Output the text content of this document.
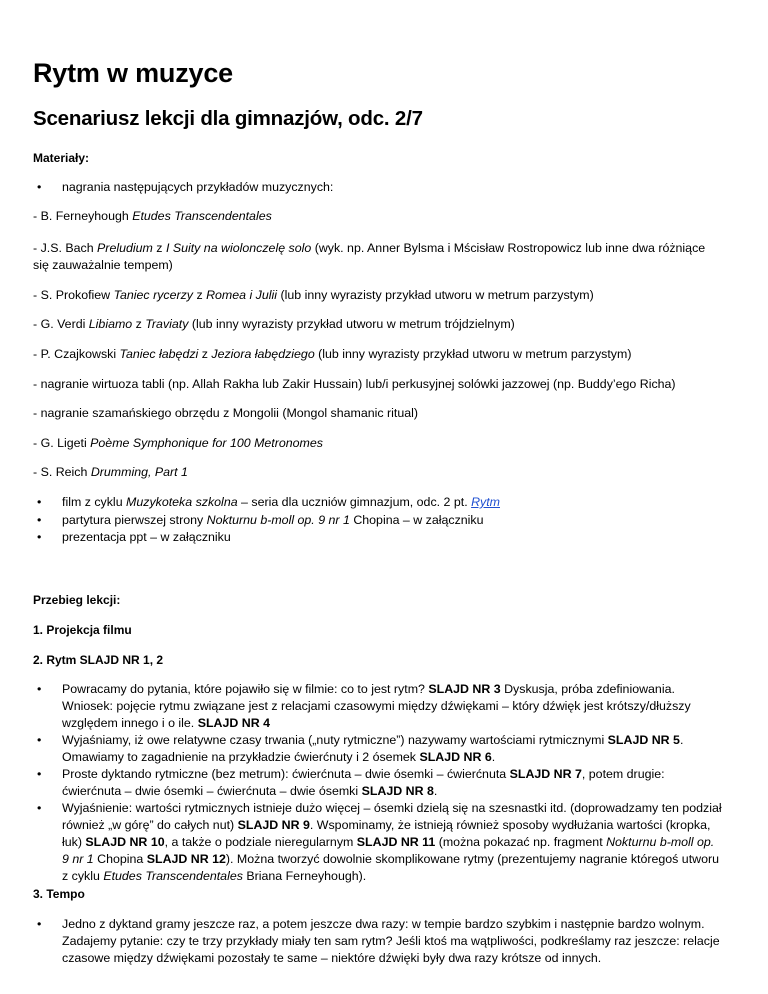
Rytm w muzyce
Scenariusz lekcji dla gimnazjów, odc. 2/7

Materiały:

• nagrania następujących przykładów muzycznych:

- B. Ferneyhough Etudes Transcendentales

- J.S. Bach Preludium z I Suity na wiolonczelę solo (wyk. np. Anner Bylsma i Mścisław Rostropowicz lub inne dwa różniące się zauważalnie tempem)

- S. Prokofiew Taniec rycerzy z Romea i Julii (lub inny wyrazisty przykład utworu w metrum parzystym)

- G. Verdi Libiamo z Traviaty (lub inny wyrazisty przykład utworu w metrum trójdzielnym)

- P. Czajkowski Taniec łabędzi z Jeziora łabędziego (lub inny wyrazisty przykład utworu w metrum parzystym)

- nagranie wirtuoza tabli (np. Allah Rakha lub Zakir Hussain) lub/i perkusyjnej solówki jazzowej (np. Buddy’ego Richa)

- nagranie szamańskiego obrzędu z Mongolii (Mongol shamanic ritual)

- G. Ligeti Poème Symphonique for 100 Metronomes

- S. Reich Drumming, Part 1

• film z cyklu Muzykoteka szkolna – seria dla uczniów gimnazjum, odc. 2 pt. Rytm

• partytura pierwszej strony Nokturnu b-moll op. 9 nr 1 Chopina – w załączniku

• prezentacja ppt – w załączniku

Przebieg lekcji:

1. Projekcja filmu

2. Rytm SLAJD NR 1, 2

• Powracamy do pytania, które pojawiło się w filmie: co to jest rytm? SLAJD NR 3 Dyskusja, próba zdefiniowania. Wniosek: pojęcie rytmu związane jest z relacjami czasowymi między dźwiękami – który dźwięk jest krótszy/dłuższy względem innego i o ile. SLAJD NR 4

• Wyjaśniamy, iż owe relatywne czasy trwania („nuty rytmiczne”) nazywamy wartościami rytmicznymi SLAJD NR 5. Omawiamy to zagadnienie na przykładzie ćwierćnuty i 2 ósemek SLAJD NR 6.

• Proste dyktando rytmiczne (bez metrum): ćwierćnuta – dwie ósemki – ćwierćnuta SLAJD NR 7, potem drugie: ćwierćnuta – dwie ósemki – ćwierćnuta – dwie ósemki SLAJD NR 8.

• Wyjaśnienie: wartości rytmicznych istnieje dużo więcej – ósemki dzielą się na szesnastki itd. (doprowadzamy ten podział również „w górę” do całych nut) SLAJD NR 9. Wspominamy, że istnieją również sposoby wydłużania wartości (kropka, łuk) SLAJD NR 10, a także o podziale nieregularnym SLAJD NR 11 (można pokazać np. fragment Nokturnu b-moll op. 9 nr 1 Chopina SLAJD NR 12). Można tworzyć dowolnie skomplikowane rytmy (prezentujemy nagranie któregoś utworu z cyklu Etudes Transcendentales Briana Ferneyhough).

3. Tempo

• Jedno z dyktand gramy jeszcze raz, a potem jeszcze dwa razy: w tempie bardzo szybkim i następnie bardzo wolnym. Zadajemy pytanie: czy te trzy przykłady miały ten sam rytm? Jeśli ktoś ma wątpliwości, podkreślamy raz jeszcze: relacje czasowe między dźwiękami pozostały te same – niektóre dźwięki były dwa razy krótsze od innych.
